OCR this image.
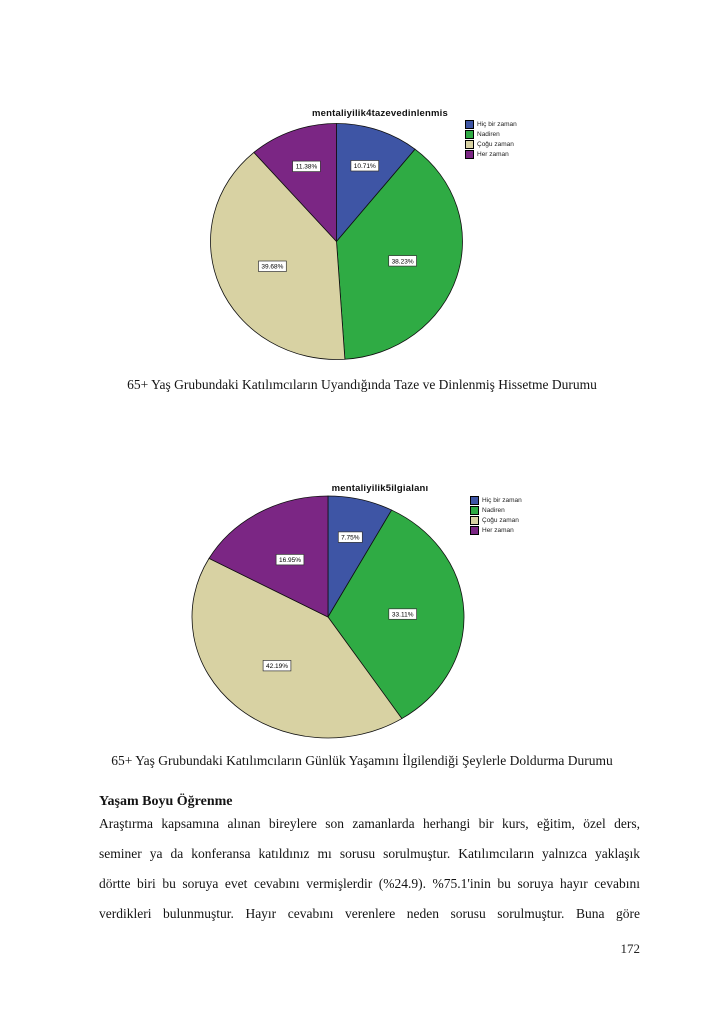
mentaliyilik4tazevedinlenmis
10.71%
38.23%
39.68%
11.38%
Hiç bir zaman
Nadiren
Çoğu zaman
Her zaman
65+ Yaş Grubundaki Katılımcıların Uyandığında Taze ve Dinlenmiş Hissetme Durumu
mentaliyilik5ilgialanı
7.75%
33.11%
42.19%
16.95%
Hiç bir zaman
Nadiren
Çoğu zaman
Her zaman
65+ Yaş Grubundaki Katılımcıların Günlük Yaşamını İlgilendiği Şeylerle Doldurma Durumu
Yaşam Boyu Öğrenme
Araştırma kapsamına alınan bireylere son zamanlarda herhangi bir kurs, eğitim, özel ders,
seminer ya da konferansa katıldınız mı sorusu sorulmuştur. Katılımcıların yalnızca yaklaşık
dörtte biri bu soruya evet cevabını vermişlerdir (%24.9). %75.1'inin bu soruya hayır cevabını
verdikleri bulunmuştur. Hayır cevabını verenlere neden sorusu sorulmuştur. Buna göre
172
